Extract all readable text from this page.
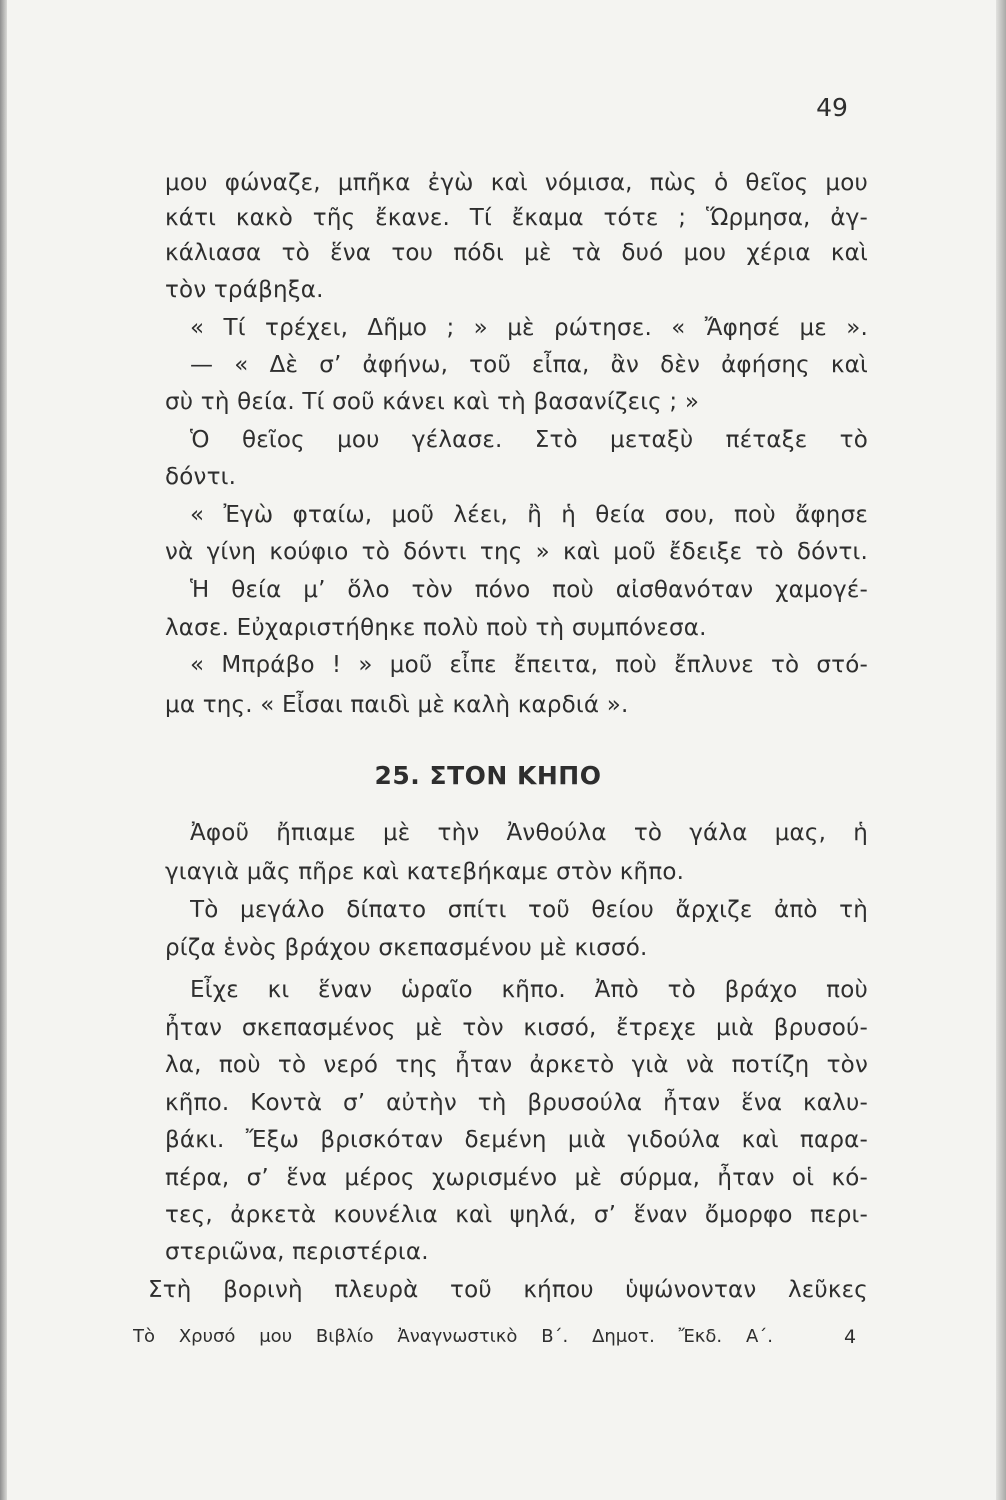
49
μου φώναζε, μπῆκα ἐγὼ καὶ νόμισα, πὼς ὁ θεῖος μου
κάτι κακὸ τῆς ἔκανε. Τί ἔκαμα τότε ; Ὥρμησα, ἀγ-
κάλιασα τὸ ἕνα του πόδι μὲ τὰ δυό μου χέρια καὶ
τὸν τράβηξα.
« Τί τρέχει, Δῆμο ; » μὲ ρώτησε. « Ἄφησέ με ».
— « Δὲ σ’ ἀφήνω, τοῦ εἶπα, ἂν δὲν ἀφήσης καὶ
σὺ τὴ θεία. Τί σοῦ κάνει καὶ τὴ βασανίζεις ; »
Ὁ θεῖος μου γέλασε. Στὸ μεταξὺ πέταξε τὸ
δόντι.
« Ἐγὼ φταίω, μοῦ λέει, ἢ ἡ θεία σου, ποὺ ἄφησε
νὰ γίνη κούφιο τὸ δόντι της » καὶ μοῦ ἔδειξε τὸ δόντι.
Ἡ θεία μ’ ὅλο τὸν πόνο ποὺ αἰσθανόταν χαμογέ-
λασε. Εὐχαριστήθηκε πολὺ ποὺ τὴ συμπόνεσα.
« Μπράβο ! » μοῦ εἶπε ἔπειτα, ποὺ ἔπλυνε τὸ στό-
μα της. « Εἶσαι παιδὶ μὲ καλὴ καρδιά ».
25. ΣΤΟΝ ΚΗΠΟ
Ἀφοῦ ἤπιαμε μὲ τὴν Ἀνθούλα τὸ γάλα μας, ἡ
γιαγιὰ μᾶς πῆρε καὶ κατεβήκαμε στὸν κῆπο.
Τὸ μεγάλο δίπατο σπίτι τοῦ θείου ἄρχιζε ἀπὸ τὴ
ρίζα ἑνὸς βράχου σκεπασμένου μὲ κισσό.
Εἶχε κι ἕναν ὡραῖο κῆπο. Ἀπὸ τὸ βράχο ποὺ
ἦταν σκεπασμένος μὲ τὸν κισσό, ἔτρεχε μιὰ βρυσού-
λα, ποὺ τὸ νερό της ἦταν ἀρκετὸ γιὰ νὰ ποτίζη τὸν
κῆπο. Κοντὰ σ’ αὐτὴν τὴ βρυσούλα ἦταν ἕνα καλυ-
βάκι. Ἔξω βρισκόταν δεμένη μιὰ γιδούλα καὶ παρα-
πέρα, σ’ ἕνα μέρος χωρισμένο μὲ σύρμα, ἦταν οἱ κό-
τες, ἀρκετὰ κουνέλια καὶ ψηλά, σ’ ἕναν ὄμορφο περι-
στεριῶνα, περιστέρια.
Στὴ βορινὴ πλευρὰ τοῦ κήπου ὑψώνονταν λεῦκες
Τὸ Χρυσό μου Βιβλίο Ἀναγνωστικὸ Β΄. Δημοτ. Ἔκδ. Α΄.	4
